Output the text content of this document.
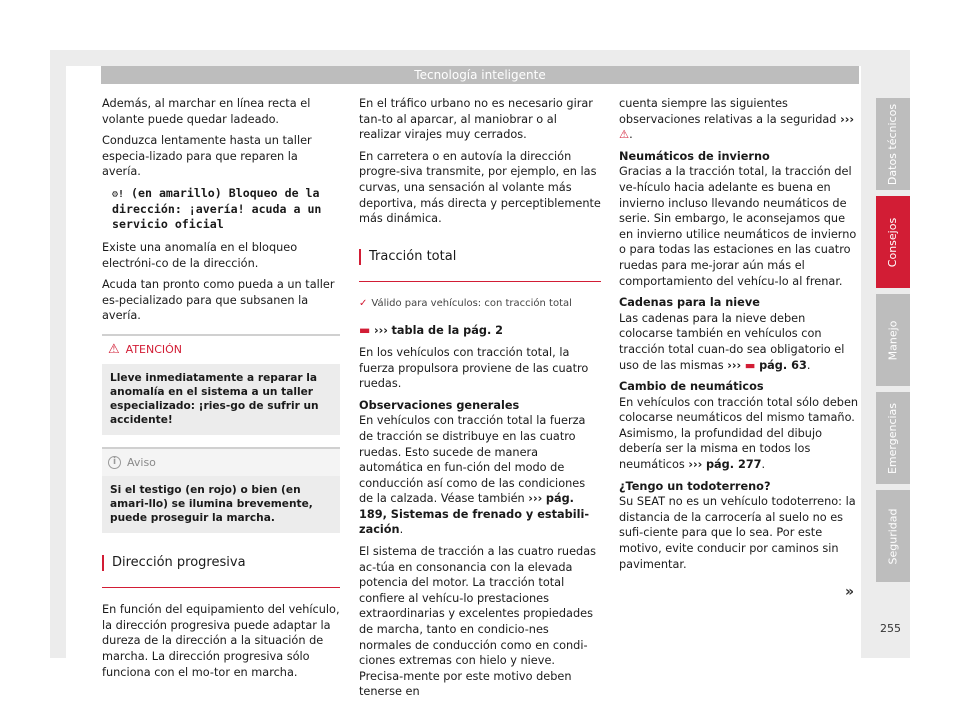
Tecnología inteligente

Además, al marchar en línea recta el volante puede quedar ladeado.

Conduzca lentamente hasta un taller especia-lizado para que reparen la avería.

⚙! (en amarillo) Bloqueo de la dirección: ¡avería! acuda a un servicio oficial

Existe una anomalía en el bloqueo electróni-co de la dirección.

Acuda tan pronto como pueda a un taller es-pecializado para que subsanen la avería.

⚠ ATENCIÓN
Lleve inmediatamente a reparar la anomalía en el sistema a un taller especializado: ¡ries-go de sufrir un accidente!
i Aviso
Si el testigo (en rojo) o bien (en amari-llo) se ilumina brevemente, puede proseguir la marcha.
Dirección progresiva

En función del equipamiento del vehículo, la dirección progresiva puede adaptar la dureza de la dirección a la situación de marcha. La dirección progresiva sólo funciona con el mo-tor en marcha.

En el tráfico urbano no es necesario girar tan-to al aparcar, al maniobrar o al realizar virajes muy cerrados.

En carretera o en autovía la dirección progre-siva transmite, por ejemplo, en las curvas, una sensación al volante más deportiva, más directa y perceptiblemente más dinámica.

Tracción total
✓ Válido para vehículos: con tracción total

▬ ››› tabla de la pág. 2

En los vehículos con tracción total, la fuerza propulsora proviene de las cuatro ruedas.

Observaciones generales

En vehículos con tracción total la fuerza de tracción se distribuye en las cuatro ruedas. Esto sucede de manera automática en fun-ción del modo de conducción así como de las condiciones de la calzada. Véase también ››› pág. 189, Sistemas de frenado y estabili-zación.

El sistema de tracción a las cuatro ruedas ac-túa en consonancia con la elevada potencia del motor. La tracción total confiere al vehícu-lo prestaciones extraordinarias y excelentes propiedades de marcha, tanto en condicio-nes normales de conducción como en condi-ciones extremas con hielo y nieve. Precisa-mente por este motivo deben tenerse en

cuenta siempre las siguientes observaciones relativas a la seguridad ››› ⚠.

Neumáticos de invierno

Gracias a la tracción total, la tracción del ve-hículo hacia adelante es buena en invierno incluso llevando neumáticos de serie. Sin embargo, le aconsejamos que en invierno utilice neumáticos de invierno o para todas las estaciones en las cuatro ruedas para me-jorar aún más el comportamiento del vehícu-lo al frenar.

Cadenas para la nieve

Las cadenas para la nieve deben colocarse también en vehículos con tracción total cuan-do sea obligatorio el uso de las mismas ››› ▬ pág. 63.

Cambio de neumáticos

En vehículos con tracción total sólo deben colocarse neumáticos del mismo tamaño. Asimismo, la profundidad del dibujo debería ser la misma en todos los neumáticos ››› pág. 277.

¿Tengo un todoterreno?

Su SEAT no es un vehículo todoterreno: la distancia de la carrocería al suelo no es sufi-ciente para que lo sea. Por este motivo, evite conducir por caminos sin pavimentar.

»
Datos técnicos
Consejos
Manejo
Emergencias
Seguridad
255
